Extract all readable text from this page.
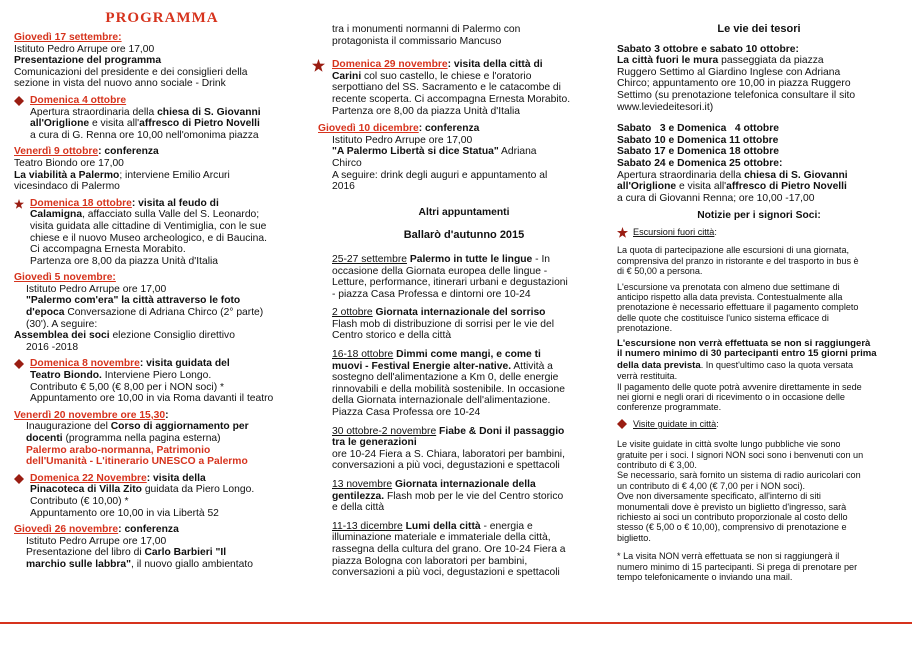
PROGRAMMA

Giovedì 17 settembre:

Istituto Pedro Arrupe ore 17,00

Presentazione del programma

Comunicazioni del presidente e dei consiglieri della

sezione in vista del nuovo anno sociale - Drink

Domenica 4 ottobre

Apertura straordinaria della chiesa di S. Giovanni

all'Origlione e visita all'affresco di Pietro Novelli

a cura di G. Renna ore 10,00 nell'omonima piazza

Venerdì 9 ottobre: conferenza

Teatro Biondo ore 17,00

La viabilità a Palermo; interviene Emilio Arcuri

vicesindaco di Palermo

Domenica 18 ottobre: visita al feudo di

Calamigna, affacciato sulla Valle del S. Leonardo;

visita guidata alle cittadine di Ventimiglia, con le sue

chiese e il nuovo Museo archeologico, e di Baucina.

Ci accompagna Ernesta Morabito.

Partenza ore 8,00 da piazza Unità d'Italia

Giovedì 5 novembre:

Istituto Pedro Arrupe ore 17,00

"Palermo com'era" la città attraverso le foto

d'epoca Conversazione di Adriana Chirco (2° parte)

(30'). A seguire:

Assemblea dei soci elezione Consiglio direttivo

2016 -2018

Domenica 8 novembre: visita guidata del

Teatro Biondo. Interviene Piero Longo.

Contributo € 5,00 (€ 8,00 per i NON soci) *

Appuntamento ore 10,00 in via Roma davanti il teatro

Venerdì 20 novembre ore 15,30:

Inaugurazione del Corso di aggiornamento per

docenti (programma nella pagina esterna)

Palermo arabo-normanna, Patrimonio

dell'Umanità - L'itinerario UNESCO a Palermo

Domenica 22 Novembre: visita della

Pinacoteca di Villa Zito guidata da Piero Longo.

Contributo (€ 10,00) *

Appuntamento ore 10,00 in via Libertà 52

Giovedì 26 novembre: conferenza

Istituto Pedro Arrupe ore 17,00

Presentazione del libro di Carlo Barbieri "Il

marchio sulle labbra", il nuovo giallo ambientato

tra i monumenti normanni di Palermo con

protagonista il commissario Mancuso

Domenica 29 novembre: visita della città di

Carini col suo castello, le chiese e l'oratorio

serpottiano del SS. Sacramento e le catacombe di

recente scoperta. Ci accompagna Ernesta Morabito.

Partenza ore 8,00 da piazza Unità d'Italia

Giovedì 10 dicembre: conferenza

Istituto Pedro Arrupe ore 17,00

"A Palermo Libertà si dice Statua" Adriana

Chirco

A seguire: drink degli auguri e appuntamento al

2016

Altri appuntamenti

Ballarò d'autunno 2015

25-27 settembre Palermo in tutte le lingue - In

occasione della Giornata europea delle lingue -

Letture, performance, itinerari urbani e degustazioni

- piazza Casa Professa e dintorni ore 10-24

2 ottobre Giornata internazionale del sorriso

Flash mob di distribuzione di sorrisi per le vie del

Centro storico e della città

16-18 ottobre Dimmi come mangi, e come ti

muovi - Festival Energie alter-native. Attività a

sostegno dell'alimentazione a Km 0, delle energie

rinnovabili e della mobilità sostenibile. In occasione

della Giornata internazionale dell'alimentazione.

Piazza Casa Professa ore 10-24

30 ottobre-2 novembre Fiabe & Doni il passaggio

tra le generazioni

ore 10-24 Fiera a S. Chiara, laboratori per bambini,

conversazioni a più voci, degustazioni e spettacoli

13 novembre Giornata internazionale della

gentilezza. Flash mob per le vie del Centro storico

e della città

11-13 dicembre Lumi della città - energia e

illuminazione materiale e immateriale della città,

rassegna della cultura del grano. Ore 10-24 Fiera a

piazza Bologna con laboratori per bambini,

conversazioni a più voci, degustazioni e spettacoli

Le vie dei tesori

Sabato 3 ottobre e sabato 10 ottobre:

La città fuori le mura passeggiata da piazza

Ruggero Settimo al Giardino Inglese con Adriana

Chirco; appuntamento ore 10,00 in piazza Ruggero

Settimo (su prenotazione telefonica consultare il sito

www.leviedeitesori.it)

Sabato   3 e Domenica   4 ottobre

Sabato 10 e Domenica 11 ottobre

Sabato 17 e Domenica 18 ottobre

Sabato 24 e Domenica 25 ottobre:

Apertura straordinaria della chiesa di S. Giovanni

all'Origlione e visita all'affresco di Pietro Novelli

a cura di Giovanni Renna; ore 10,00 -17,00

Notizie per i signori Soci:

Escursioni fuori città:

La quota di partecipazione alle escursioni di una giornata,

comprensiva del pranzo in ristorante e del trasporto in bus è

di € 50,00 a persona.

L'escursione va prenotata con almeno due settimane di

anticipo rispetto alla data prevista. Contestualmente alla

prenotazione è necessario effettuare il pagamento completo

delle quote che costituisce l'unico sistema efficace di

prenotazione.

L'escursione non verrà effettuata se non si raggiungerà

il numero minimo di 30 partecipanti entro 15 giorni prima

della data prevista. In quest'ultimo caso la quota versata

verrà restituita.

Il pagamento delle quote potrà avvenire direttamente in sede

nei giorni e negli orari di ricevimento o in occasione delle

conferenze programmate.

Visite guidate in città:

Le visite guidate in città svolte lungo pubbliche vie sono

gratuite per i soci. I signori NON soci sono i benvenuti con un

contributo di € 3,00.

Se necessario, sarà fornito un sistema di radio auricolari con

un contributo di € 4,00 (€ 7,00 per i NON soci).

Ove non diversamente specificato, all'interno di siti

monumentali dove è previsto un biglietto d'ingresso, sarà

richiesto ai soci un contributo proporzionale al costo dello

stesso (€ 5,00 o € 10,00), comprensivo di prenotazione e

biglietto.

* La visita NON verrà effettuata se non si raggiungerà il

numero minimo di 15 partecipanti. Si prega di prenotare per

tempo telefonicamente o inviando una mail.
